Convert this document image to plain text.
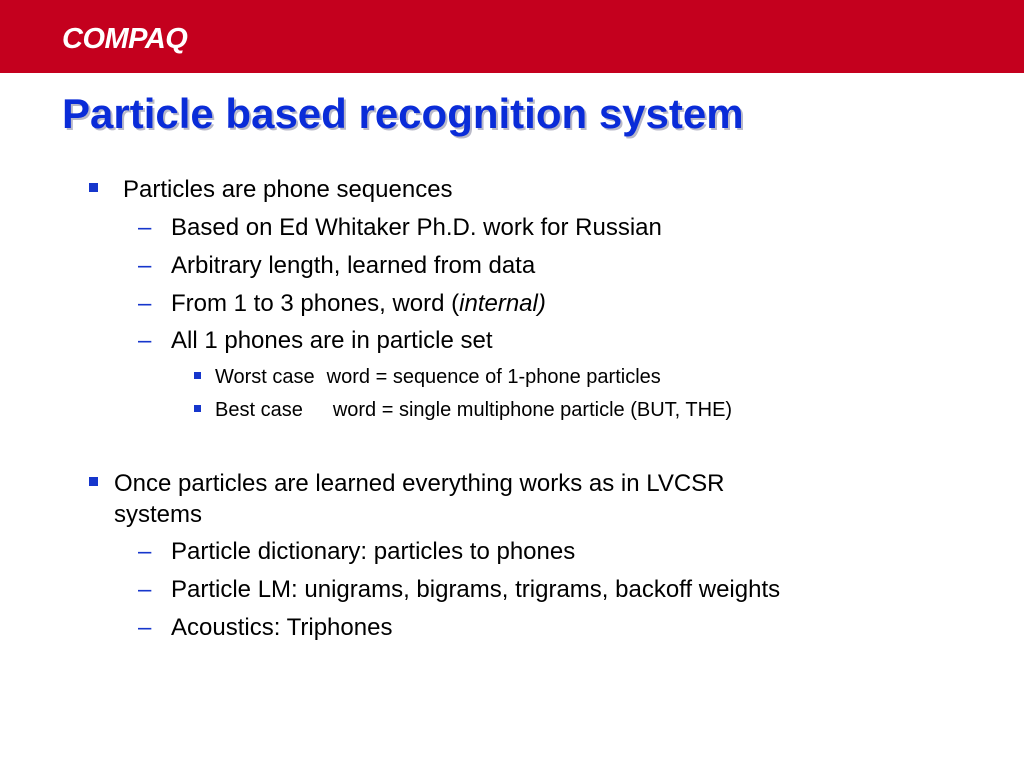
COMPAQ
Particle based recognition system
Particles are phone sequences
– Based on Ed Whitaker Ph.D. work for Russian
– Arbitrary length, learned from data
– From 1 to 3 phones, word (internal)
– All 1 phones are in particle set
Worst case word = sequence of 1-phone particles
Best case word = single multiphone particle (BUT, THE)
Once particles are learned everything works as in LVCSR
systems
– Particle dictionary: particles to phones
– Particle LM: unigrams, bigrams, trigrams, backoff weights
– Acoustics: Triphones
